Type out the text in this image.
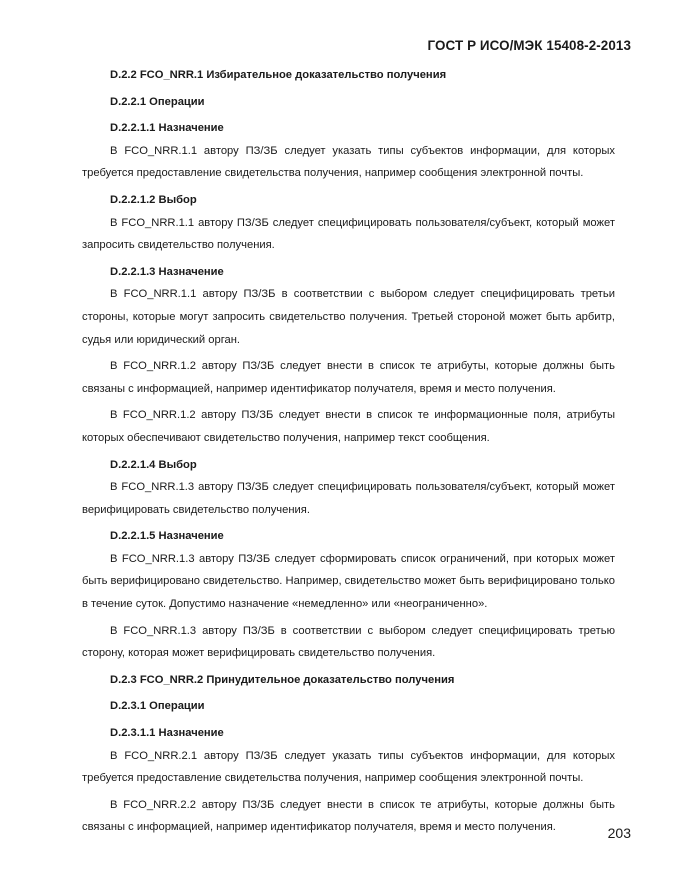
ГОСТ Р ИСО/МЭК 15408-2-2013
D.2.2 FCO_NRR.1 Избирательное доказательство получения
D.2.2.1 Операции
D.2.2.1.1 Назначение
В FCO_NRR.1.1 автору ПЗ/ЗБ следует указать типы субъектов информации, для которых требуется предоставление свидетельства получения, например сообщения электронной почты.
D.2.2.1.2 Выбор
В FCO_NRR.1.1 автору ПЗ/ЗБ следует специфицировать пользователя/субъект, который может запросить свидетельство получения.
D.2.2.1.3 Назначение
В FCO_NRR.1.1 автору ПЗ/ЗБ в соответствии с выбором следует специфицировать третьи стороны, которые могут запросить свидетельство получения. Третьей стороной может быть арбитр, судья или юридический орган.
В FCO_NRR.1.2 автору ПЗ/ЗБ следует внести в список те атрибуты, которые должны быть связаны с информацией, например идентификатор получателя, время и место получения.
В FCO_NRR.1.2 автору ПЗ/ЗБ следует внести в список те информационные поля, атрибуты которых обеспечивают свидетельство получения, например текст сообщения.
D.2.2.1.4 Выбор
В FCO_NRR.1.3 автору ПЗ/ЗБ следует специфицировать пользователя/субъект, который может верифицировать свидетельство получения.
D.2.2.1.5 Назначение
В FCO_NRR.1.3 автору ПЗ/ЗБ следует сформировать список ограничений, при которых может быть верифицировано свидетельство. Например, свидетельство может быть верифицировано только в течение суток. Допустимо назначение «немедленно» или «неограниченно».
В FCO_NRR.1.3 автору ПЗ/ЗБ в соответствии с выбором следует специфицировать третью сторону, которая может верифицировать свидетельство получения.
D.2.3 FCO_NRR.2 Принудительное доказательство получения
D.2.3.1 Операции
D.2.3.1.1 Назначение
В FCO_NRR.2.1 автору ПЗ/ЗБ следует указать типы субъектов информации, для которых требуется предоставление свидетельства получения, например сообщения электронной почты.
В FCO_NRR.2.2 автору ПЗ/ЗБ следует внести в список те атрибуты, которые должны быть связаны с информацией, например идентификатор получателя, время и место получения.	203
